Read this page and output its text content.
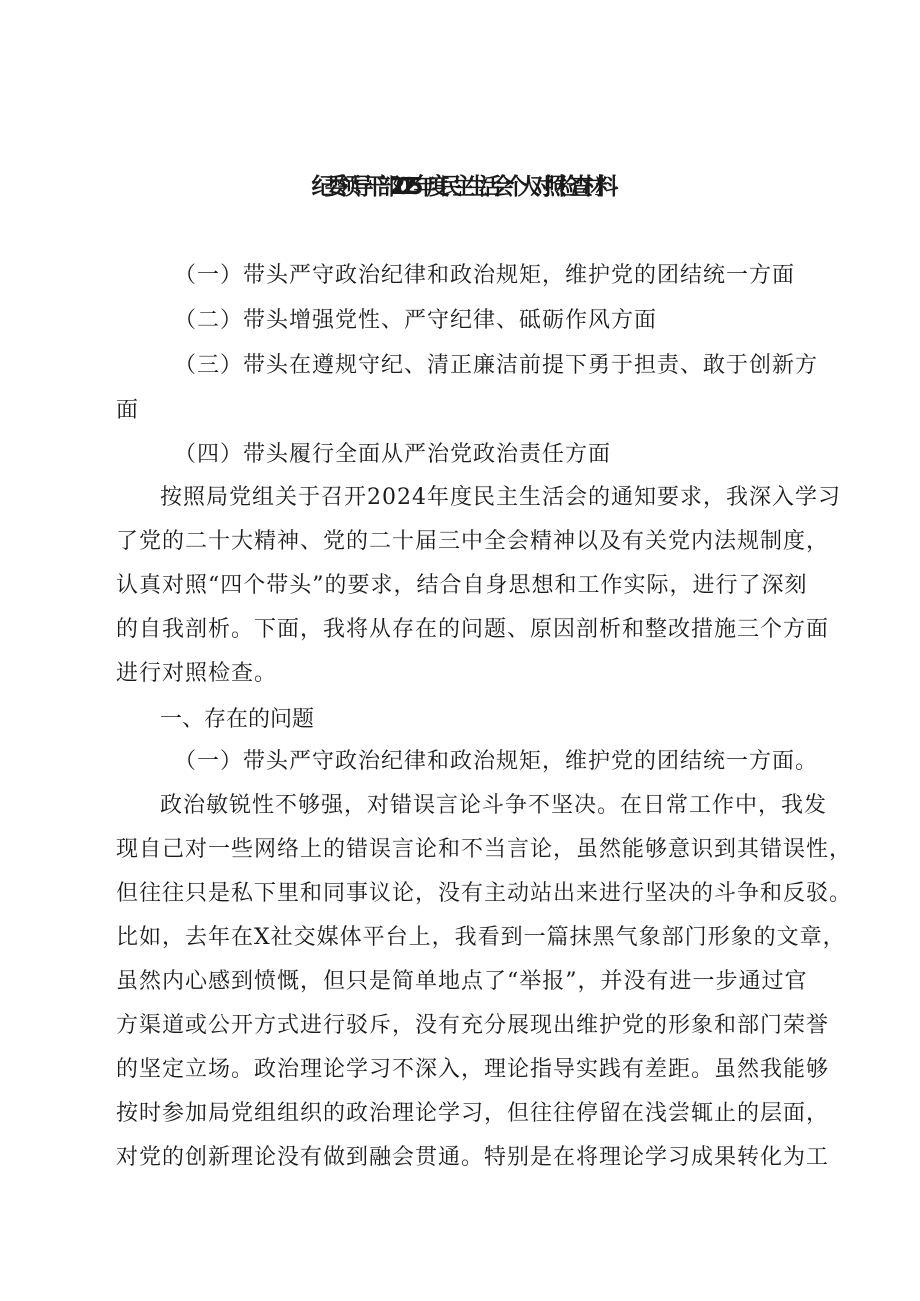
纪委领导干部2025年度民主生活会个人对照检查材料
（一）带头严守政治纪律和政治规矩，维护党的团结统一方面
（二）带头增强党性、严守纪律、砥砺作风方面
（三）带头在遵规守纪、清正廉洁前提下勇于担责、敢于创新方
面
（四）带头履行全面从严治党政治责任方面
按照局党组关于召开2024年度民主生活会的通知要求，我深入学习
了党的二十大精神、党的二十届三中全会精神以及有关党内法规制度，
认真对照“四个带头”的要求，结合自身思想和工作实际，进行了深刻
的自我剖析。下面，我将从存在的问题、原因剖析和整改措施三个方面
进行对照检查。
一、存在的问题
（一）带头严守政治纪律和政治规矩，维护党的团结统一方面。
政治敏锐性不够强，对错误言论斗争不坚决。在日常工作中，我发
现自己对一些网络上的错误言论和不当言论，虽然能够意识到其错误性，
但往往只是私下里和同事议论，没有主动站出来进行坚决的斗争和反驳。
比如，去年在X社交媒体平台上，我看到一篇抹黑气象部门形象的文章，
虽然内心感到愤慨，但只是简单地点了“举报”，并没有进一步通过官
方渠道或公开方式进行驳斥，没有充分展现出维护党的形象和部门荣誉
的坚定立场。政治理论学习不深入，理论指导实践有差距。虽然我能够
按时参加局党组组织的政治理论学习，但往往停留在浅尝辄止的层面，
对党的创新理论没有做到融会贯通。特别是在将理论学习成果转化为工
